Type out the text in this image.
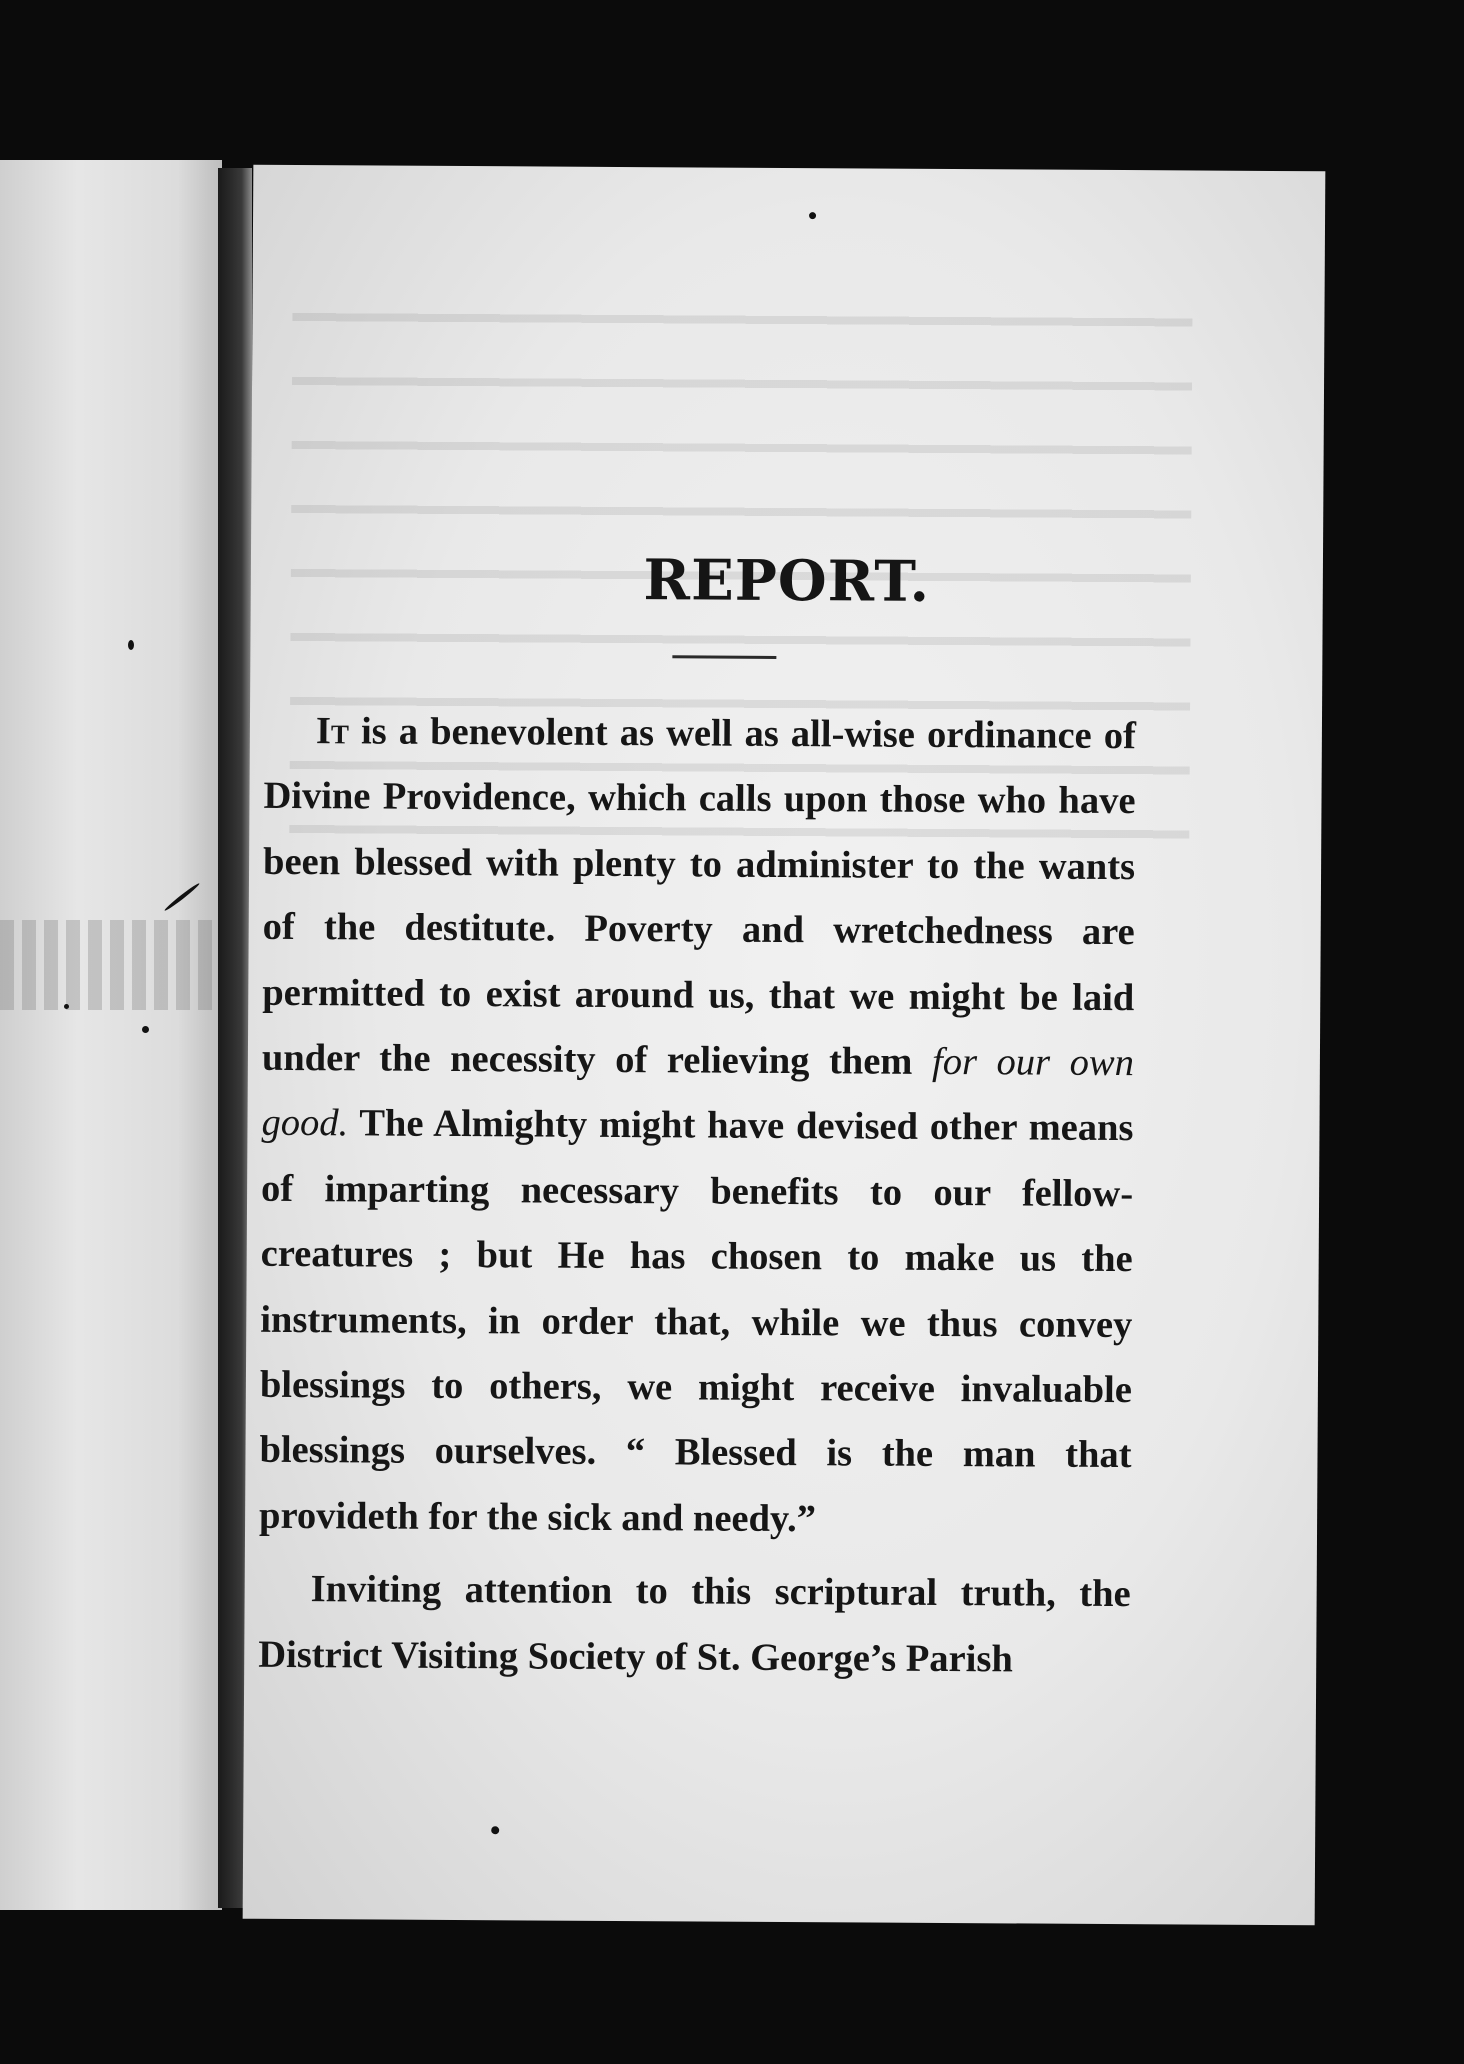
REPORT.

It is a benevolent as well as all-wise ordinance of Divine Providence, which calls upon those who have been blessed with plenty to administer to the wants of the destitute. Poverty and wretchedness are permitted to exist around us, that we might be laid under the necessity of relieving them for our own good. The Almighty might have devised other means of imparting necessary benefits to our fellow-creatures ; but He has chosen to make us the instruments, in order that, while we thus convey blessings to others, we might receive invaluable blessings ourselves. “ Blessed is the man that provideth for the sick and needy.”

Inviting attention to this scriptural truth, the District Visiting Society of St. George’s Parish
